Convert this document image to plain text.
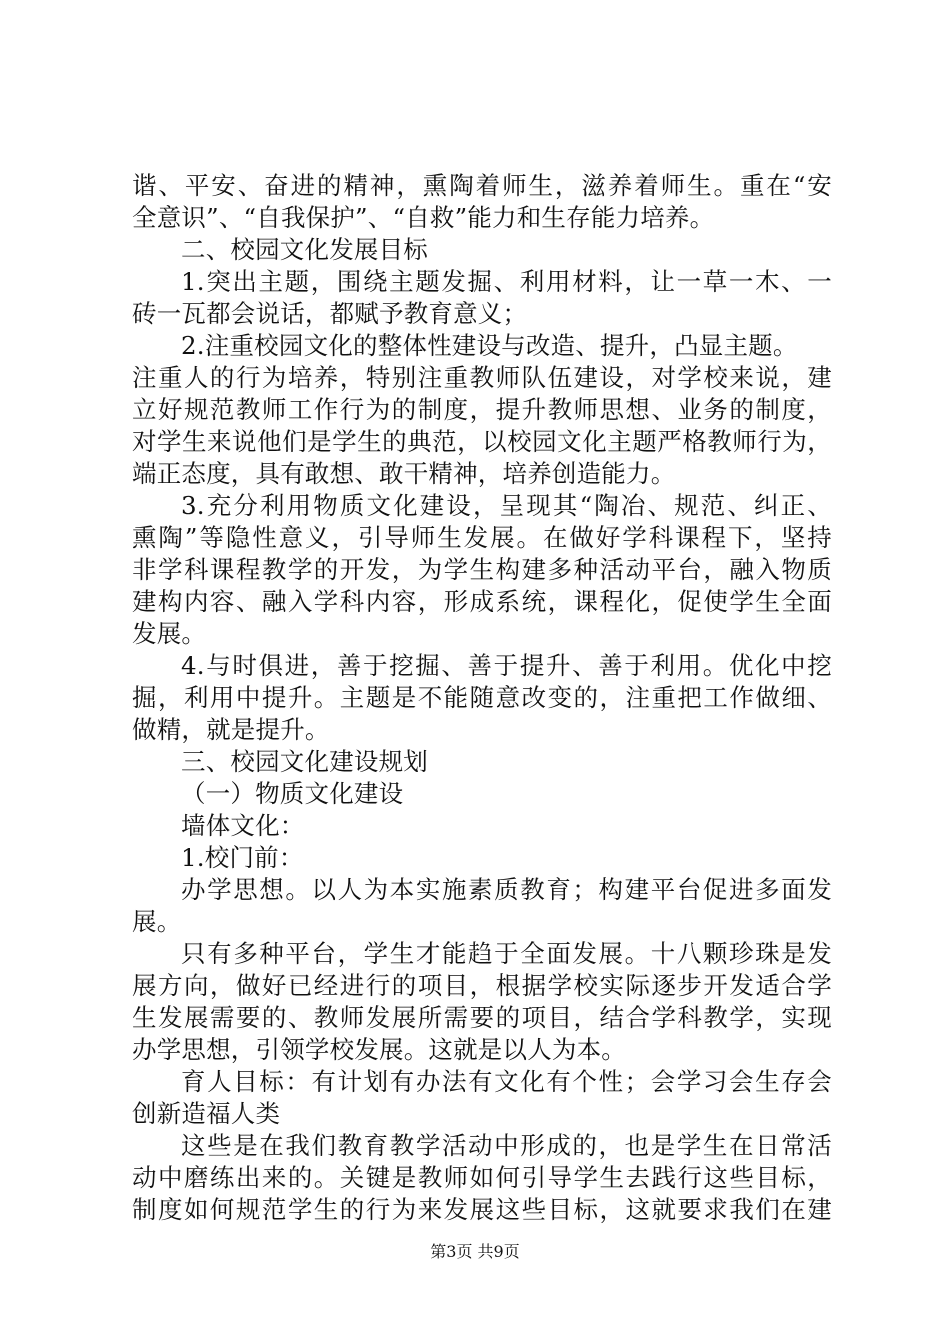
谐、平安、奋进的精神，熏陶着师生，滋养着师生。重在“安
全意识”、“自我保护”、“自救”能力和生存能力培养。
二、校园文化发展目标
1.突出主题，围绕主题发掘、利用材料，让一草一木、一
砖一瓦都会说话，都赋予教育意义；
2.注重校园文化的整体性建设与改造、提升，凸显主题。
注重人的行为培养，特别注重教师队伍建设，对学校来说，建
立好规范教师工作行为的制度，提升教师思想、业务的制度，
对学生来说他们是学生的典范，以校园文化主题严格教师行为，
端正态度，具有敢想、敢干精神，培养创造能力。
3.充分利用物质文化建设，呈现其“陶冶、规范、纠正、
熏陶”等隐性意义，引导师生发展。在做好学科课程下，坚持
非学科课程教学的开发，为学生构建多种活动平台，融入物质
建构内容、融入学科内容，形成系统，课程化，促使学生全面
发展。
4.与时俱进，善于挖掘、善于提升、善于利用。优化中挖
掘，利用中提升。主题是不能随意改变的，注重把工作做细、
做精，就是提升。
三、校园文化建设规划
（一）物质文化建设
墙体文化：
1.校门前：
办学思想。以人为本实施素质教育；构建平台促进多面发
展。
只有多种平台，学生才能趋于全面发展。十八颗珍珠是发
展方向，做好已经进行的项目，根据学校实际逐步开发适合学
生发展需要的、教师发展所需要的项目，结合学科教学，实现
办学思想，引领学校发展。这就是以人为本。
育人目标：有计划有办法有文化有个性；会学习会生存会
创新造福人类
这些是在我们教育教学活动中形成的，也是学生在日常活
动中磨练出来的。关键是教师如何引导学生去践行这些目标，
制度如何规范学生的行为来发展这些目标，这就要求我们在建
第3页 共9页
